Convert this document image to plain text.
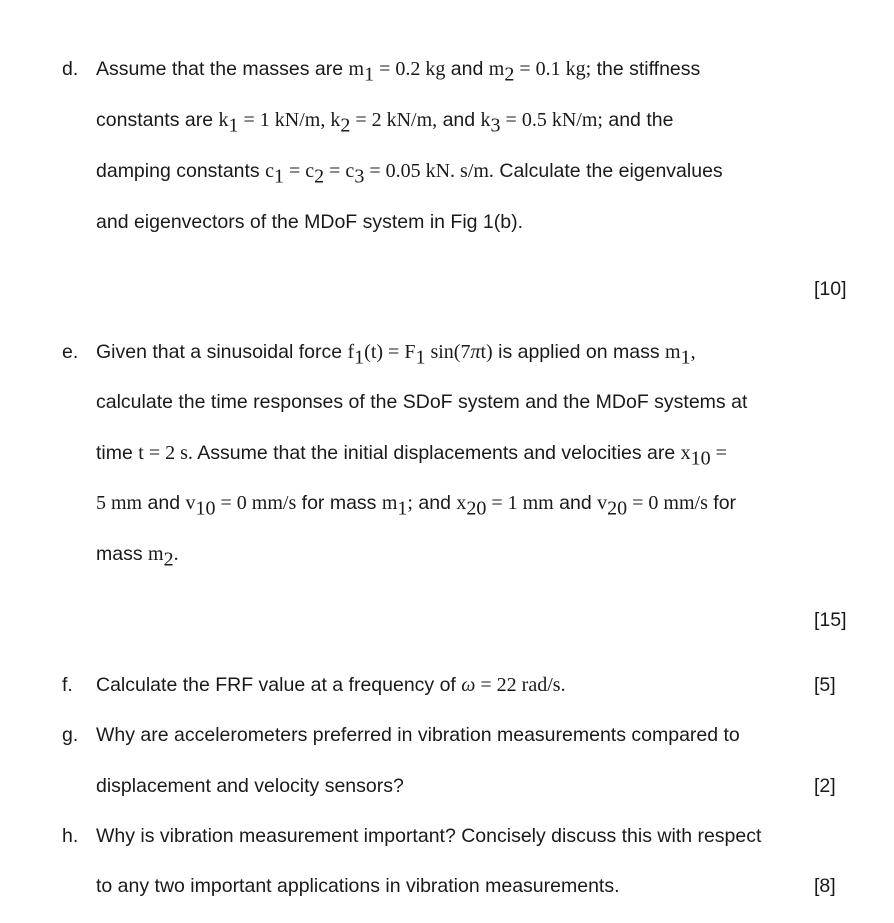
d. Assume that the masses are $m_1 = 0.2$ kg and $m_2 = 0.1$ kg; the stiffness
constants are $k_1 = 1$ kN/m, $k_2 = 2$ kN/m, and $k_3 = 0.5$ kN/m; and the
damping constants $c_1 = c_2 = c_3 = 0.05$ kN. s/m. Calculate the eigenvalues
and eigenvectors of the MDoF system in Fig 1(b).
[10]
e. Given that a sinusoidal force $f_1(t) = F_1$ sin(7πt) is applied on mass $m_1$,
calculate the time responses of the SDoF system and the MDoF systems at
time t = 2 s. Assume that the initial displacements and velocities are $x_{10}$ =
5 mm and $v_{10} = 0$ mm/s for mass $m_1$; and $x_{20} = 1$ mm and $v_{20} = 0$ mm/s for
mass $m_2$.
[15]
f. Calculate the FRF value at a frequency of ω = 22 rad/s.	[5]
g. Why are accelerometers preferred in vibration measurements compared to
displacement and velocity sensors?	[2]
h. Why is vibration measurement important? Concisely discuss this with respect
to any two important applications in vibration measurements.	[8]
